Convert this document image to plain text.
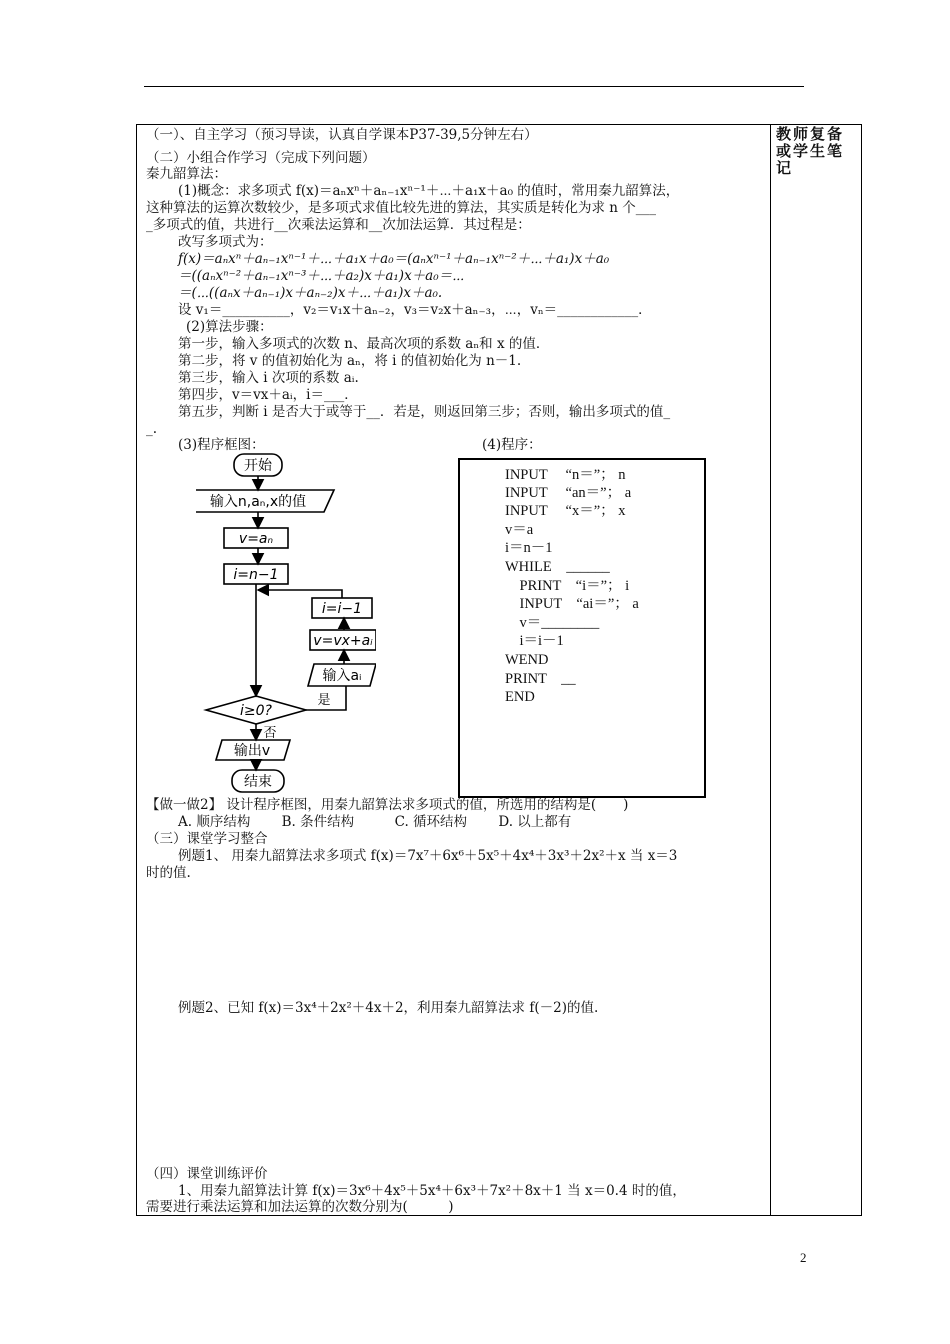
教师复备或学生笔记
（一）、自主学习（预习导读，认真自学课本P37-39,5分钟左右）
（二）小组合作学习（完成下列问题）
秦九韶算法：
(1)概念：求多项式 f(x)＝aₙxⁿ＋aₙ₋₁xⁿ⁻¹＋⋯＋a₁x＋a₀ 的值时，常用秦九韶算法，
这种算法的运算次数较少，是多项式求值比较先进的算法，其实质是转化为求 n 个___
_多项式的值，共进行__次乘法运算和__次加法运算．其过程是：
改写多项式为：
f(x)＝aₙxⁿ＋aₙ₋₁xⁿ⁻¹＋⋯＋a₁x＋a₀＝(aₙxⁿ⁻¹＋aₙ₋₁xⁿ⁻²＋⋯＋a₁)x＋a₀
＝((aₙxⁿ⁻²＋aₙ₋₁xⁿ⁻³＋⋯＋a₂)x＋a₁)x＋a₀＝⋯
＝(⋯((aₙx＋aₙ₋₁)x＋aₙ₋₂)x＋⋯＋a₁)x＋a₀.
设 v₁＝__________，v₂＝v₁x＋aₙ₋₂，v₃＝v₂x＋aₙ₋₃，⋯，vₙ＝____________．
(2)算法步骤：
第一步，输入多项式的次数 n、最高次项的系数 aₙ和 x 的值．
第二步，将 v 的值初始化为 aₙ，将 i 的值初始化为 n－1.
第三步，输入 i 次项的系数 aᵢ.
第四步，v＝vx＋aᵢ，i＝___．
第五步，判断 i 是否大于或等于__．若是，则返回第三步；否则，输出多项式的值_
_.
(3)程序框图：	(4)程序：
开始
输入n,aₙ,x的值
v=aₙ
i=n−1
i=i−1
v=vx+aᵢ
输入aᵢ
i≥0?
是
否
输出v
结束
INPUT　 “n＝”； n
INPUT　 “an＝”； a
INPUT　 “x＝”； x
v＝a
i＝n－1
WHILE　______
　PRINT　“i＝”； i
　INPUT　“ai＝”； a
　v＝________
　i＝i－1
WEND
PRINT　__
END
【做一做2】 设计程序框图，用秦九韶算法求多项式的值，所选用的结构是(　　)
A. 顺序结构　　 B. 条件结构　　　C. 循环结构　　 D. 以上都有
（三）课堂学习整合
例题1、 用秦九韶算法求多项式 f(x)＝7x⁷＋6x⁶＋5x⁵＋4x⁴＋3x³＋2x²＋x 当 x＝3
时的值.
例题2、已知 f(x)＝3x⁴＋2x²＋4x＋2，利用秦九韶算法求 f(－2)的值.
（四）课堂训练评价
1、用秦九韶算法计算 f(x)＝3x⁶＋4x⁵＋5x⁴＋6x³＋7x²＋8x＋1 当 x＝0.4 时的值，
需要进行乘法运算和加法运算的次数分别为(　　　)
2
